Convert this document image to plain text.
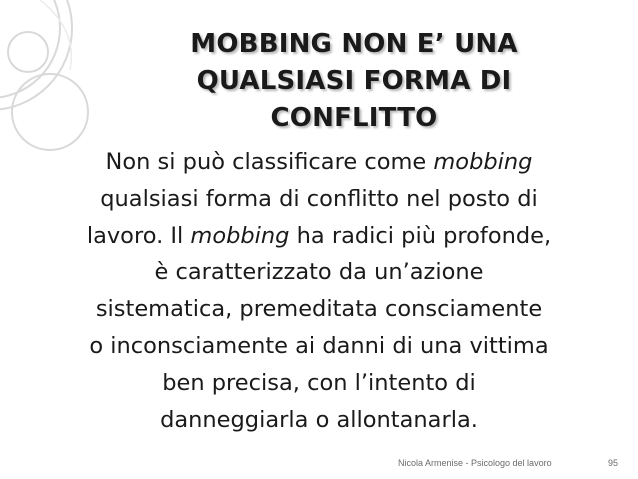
MOBBING NON E’ UNA
QUALSIASI FORMA DI
CONFLITTO
Non si può classificare come mobbing
qualsiasi forma di conflitto nel posto di
lavoro. Il mobbing ha radici più profonde,
è caratterizzato da un’azione
sistematica, premeditata consciamente
o inconsciamente ai danni di una vittima
ben precisa, con l’intento di
danneggiarla o allontanarla.
Nicola Armenise - Psicologo del lavoro	95
